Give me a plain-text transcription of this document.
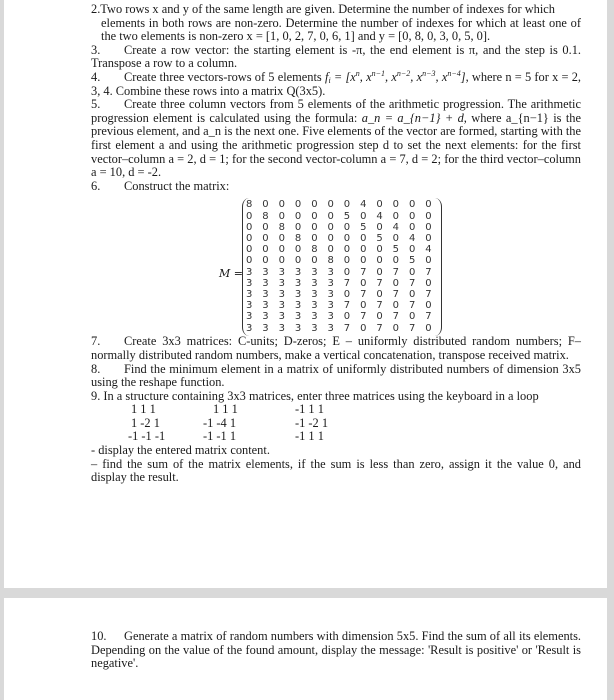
2.Two rows x and y of the same length are given. Determine the number of indexes for which

elements in both rows are non-zero. Determine the number of indexes for which at least one of the two elements is non-zero x = [1, 0, 2, 7, 0, 6, 1] and y = [0, 8, 0, 3, 0, 5, 0].

3. Create a row vector: the starting element is -π, the end element is π, and the step is 0.1. Transpose a row to a column.

4. Create three vectors-rows of 5 elements $f_i = [x^n$, $x^{n-1}$, $x^{n-2}$, $x^{n-3}$, $x^{n-4}$], where n = 5 for x = 2, 3, 4. Combine these rows into a matrix Q(3x5).

5. Create three column vectors from 5 elements of the arithmetic progression. The arithmetic progression element is calculated using the formula: a_n = a_{n−1} + d, where a_{n−1} is the previous element, and a_n is the next one. Five elements of the vector are formed, starting with the first element a and using the arithmetic progression step d to set the next elements: for the first vector–column a = 2, d = 1; for the second vector-column a = 7, d = 2; for the third vector–column a = 10, d = -2.

6. Construct the matrix:

M =
8 0 0 0 0 0 0 4 0 0 0 0
0 8 0 0 0 0 5 0 4 0 0 0
0 0 8 0 0 0 0 5 0 4 0 0
0 0 0 8 0 0 0 0 5 0 4 0
0 0 0 0 8 0 0 0 0 5 0 4
0 0 0 0 0 8 0 0 0 0 5 0
3 3 3 3 3 3 0 7 0 7 0 7
3 3 3 3 3 3 7 0 7 0 7 0
3 3 3 3 3 3 0 7 0 7 0 7
3 3 3 3 3 3 7 0 7 0 7 0
3 3 3 3 3 3 0 7 0 7 0 7
3 3 3 3 3 3 7 0 7 0 7 0

7. Create 3x3 matrices: C-units; D-zeros; E – uniformly distributed random numbers; F– normally distributed random numbers, make a vertical concatenation, transpose received matrix.

8. Find the minimum element in a matrix of uniformly distributed numbers of dimension 3x5 using the reshape function.

9. In a structure containing 3x3 matrices, enter three matrices using the keyboard in a loop

1 1 1	1 1 1	-1 1 1
1 -2 1	-1 -4 1	-1 -2 1
-1 -1 -1	-1 -1 1	-1 1 1

- display the entered matrix content.

– find the sum of the matrix elements, if the sum is less than zero, assign it the value 0, and display the result.

10. Generate a matrix of random numbers with dimension 5x5. Find the sum of all its elements. Depending on the value of the found amount, display the message: 'Result is positive' or 'Result is negative'.
